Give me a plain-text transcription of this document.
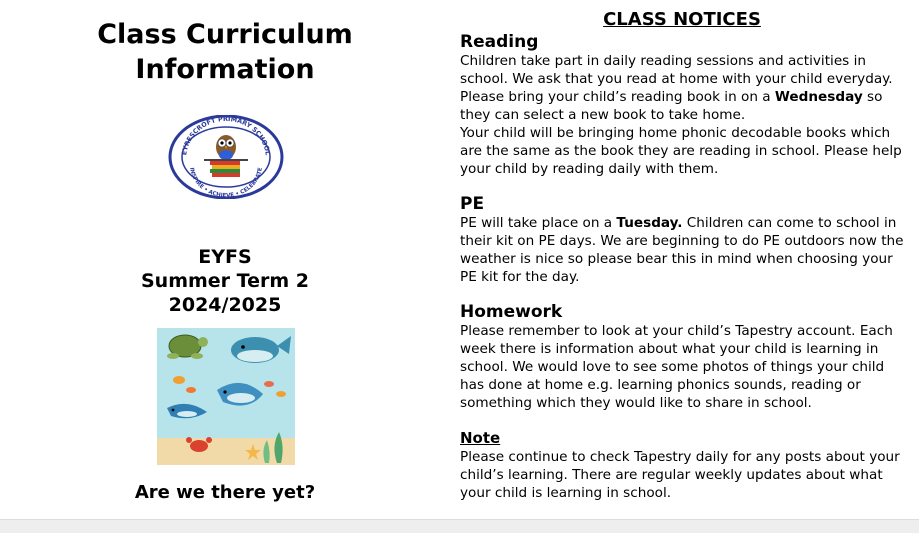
Class Curriculum
Information
EYRESCROFT PRIMARY SCHOOL
INSPIRE • ACHIEVE • CELEBRATE
EYFS
Summer Term 2
2024/2025
Are we there yet?
CLASS NOTICES
Reading

Children take part in daily reading sessions and activities in school. We ask that you read at home with your child everyday. Please bring your child’s reading book in on a Wednesday so they can select a new book to take home.

Your child will be bringing home phonic decodable books which are the same as the book they are reading in school. Please help your child by reading daily with them.

PE

PE will take place on a Tuesday. Children can come to school in their kit on PE days. We are beginning to do PE outdoors now the weather is nice so please bear this in mind when choosing your PE kit for the day.

Homework

Please remember to look at your child’s Tapestry account. Each week there is information about what your child is learning in school. We would love to see some photos of things your child has done at home e.g. learning phonics sounds, reading or something which they would like to share in school.

Note

Please continue to check Tapestry daily for any posts about your child’s learning. There are regular weekly updates about what your child is learning in school.
